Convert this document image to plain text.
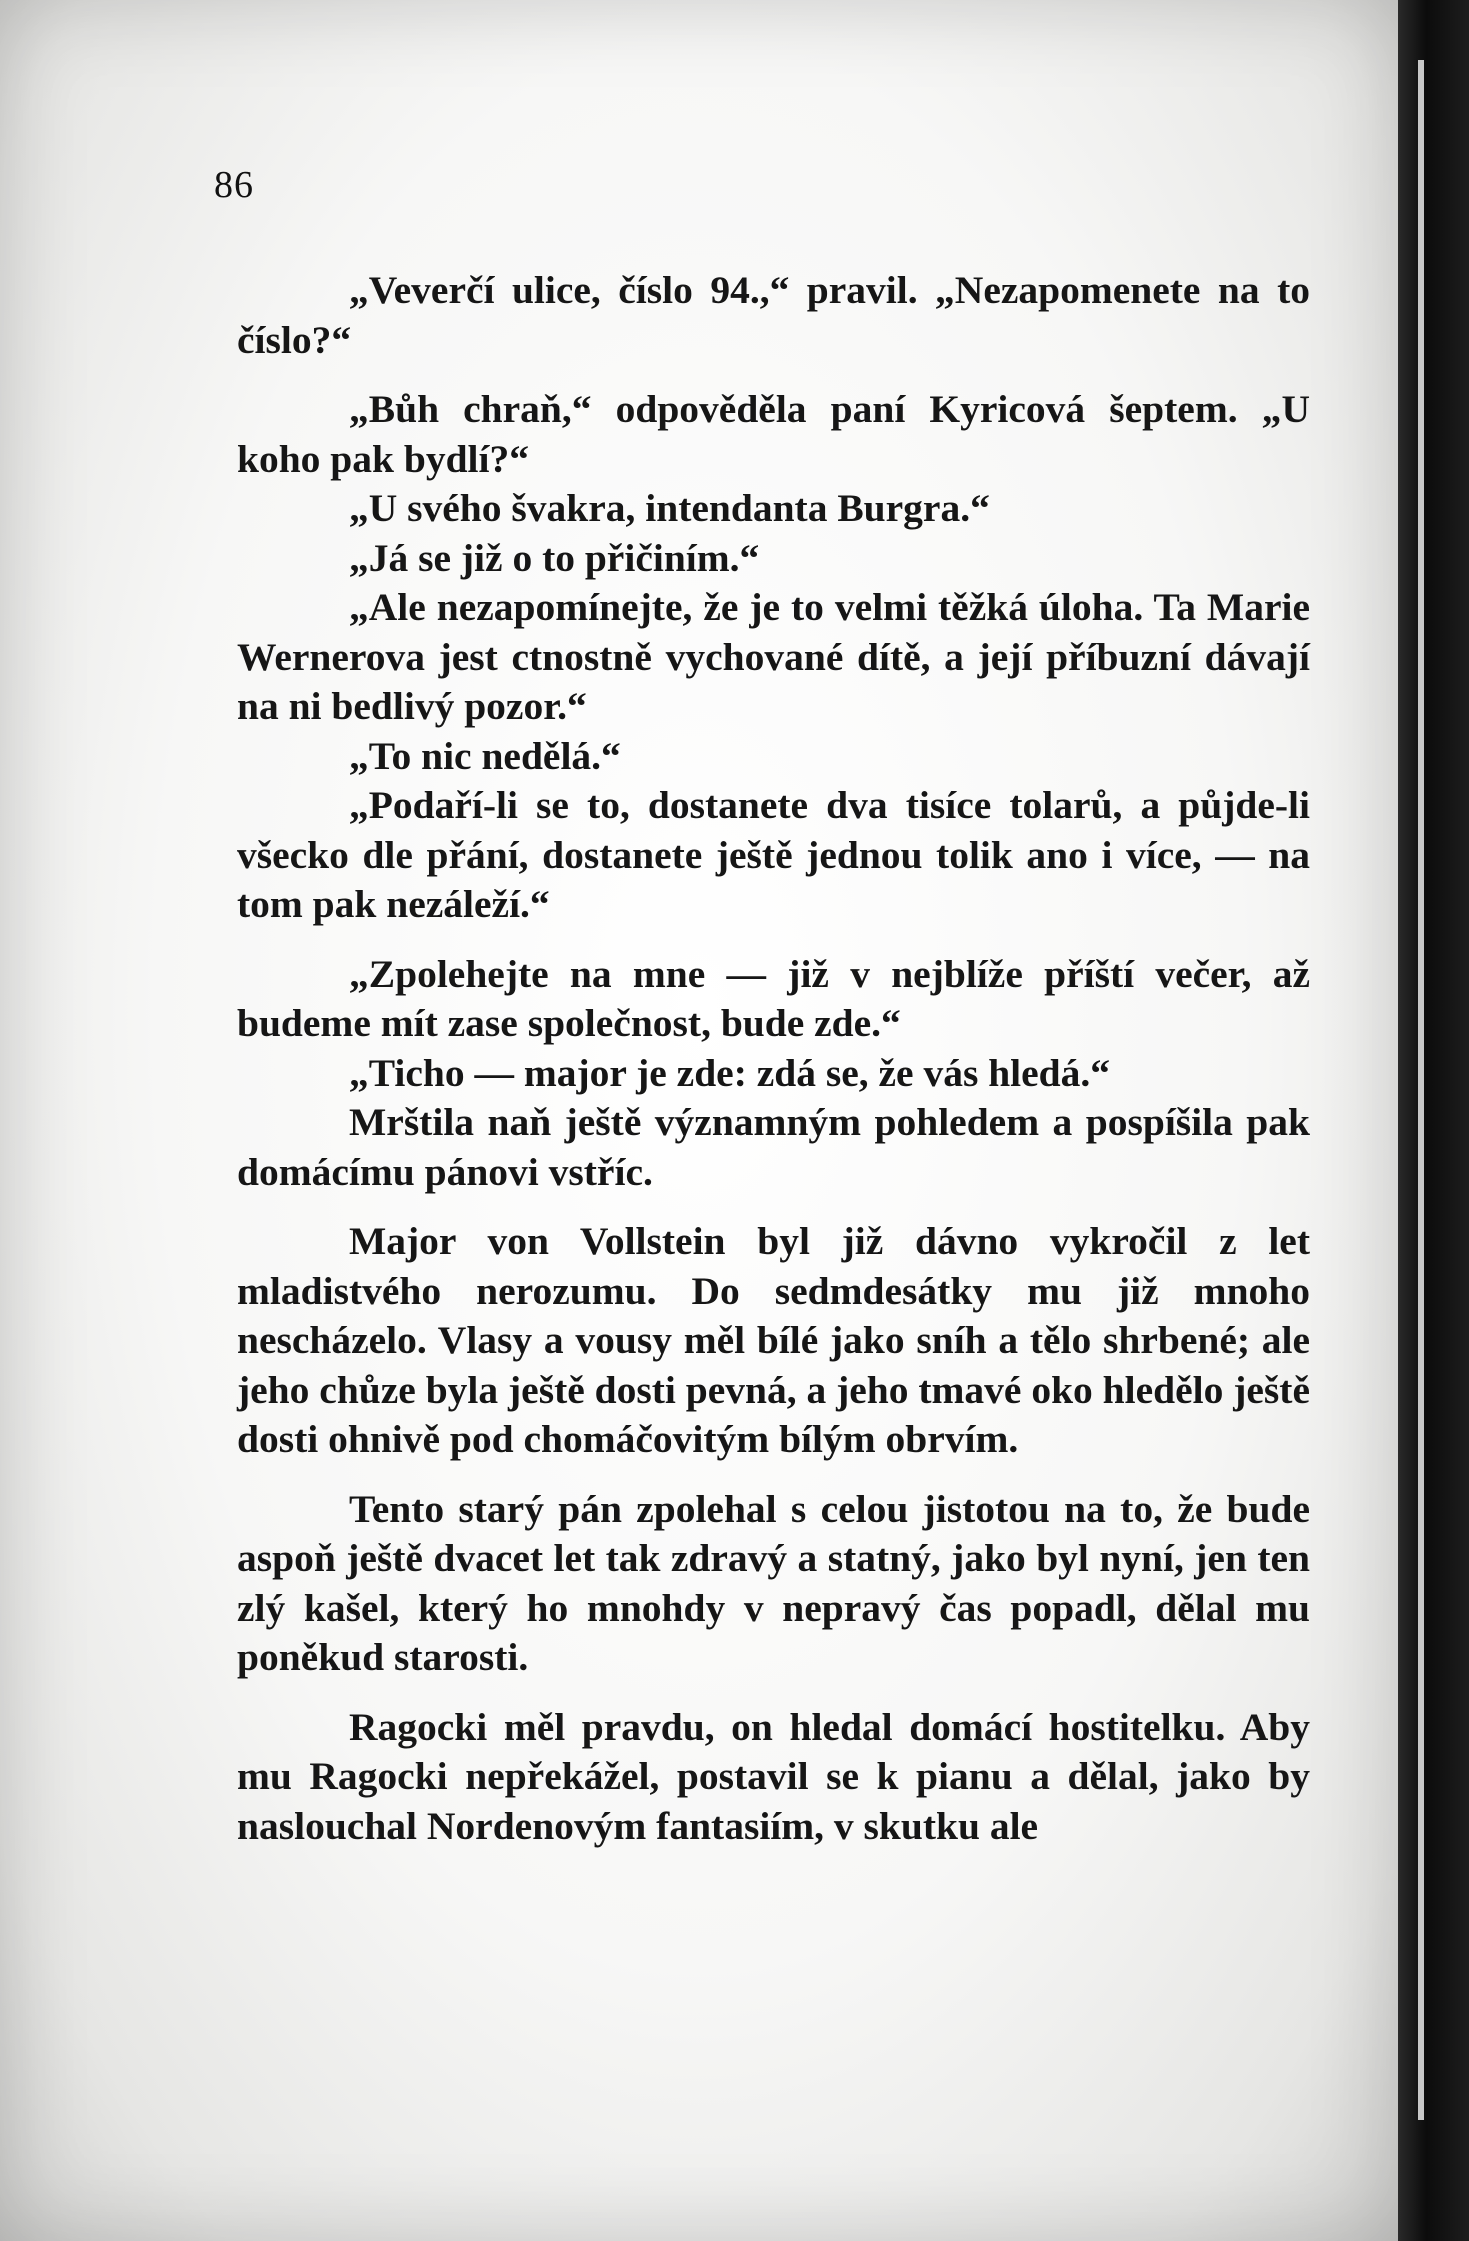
86

„Veverčí ulice, číslo 94.,“ pravil. „Nezapomenete na to číslo?“

„Bůh chraň,“ odpověděla paní Kyricová šeptem. „U koho pak bydlí?“

„U svého švakra, intendanta Burgra.“

„Já se již o to přičiním.“

„Ale nezapomínejte, že je to velmi těžká úloha. Ta Marie Wernerova jest ctnostně vychované dítě, a její příbuzní dávají na ni bedlivý pozor.“

„To nic nedělá.“

„Podaří-li se to, dostanete dva tisíce tolarů, a půjde-li všecko dle přání, dostanete ještě jednou tolik ano i více, — na tom pak nezáleží.“

„Zpolehejte na mne — již v nejblíže příští večer, až budeme mít zase společnost, bude zde.“

„Ticho — major je zde: zdá se, že vás hledá.“

Mrštila naň ještě významným pohledem a pospíšila pak domácímu pánovi vstříc.

Major von Vollstein byl již dávno vykročil z let mladistvého nerozumu. Do sedmdesátky mu již mnoho nescházelo. Vlasy a vousy měl bílé jako sníh a tělo shrbené; ale jeho chůze byla ještě dosti pevná, a jeho tmavé oko hledělo ještě dosti ohnivě pod chomáčovitým bílým obrvím.

Tento starý pán zpolehal s celou jistotou na to, že bude aspoň ještě dvacet let tak zdravý a statný, jako byl nyní, jen ten zlý kašel, který ho mnohdy v nepravý čas popadl, dělal mu poněkud starosti.

Ragocki měl pravdu, on hledal domácí hostitelku. Aby mu Ragocki nepřekážel, postavil se k pianu a dělal, jako by naslouchal Nordenovým fantasiím, v skutku ale
